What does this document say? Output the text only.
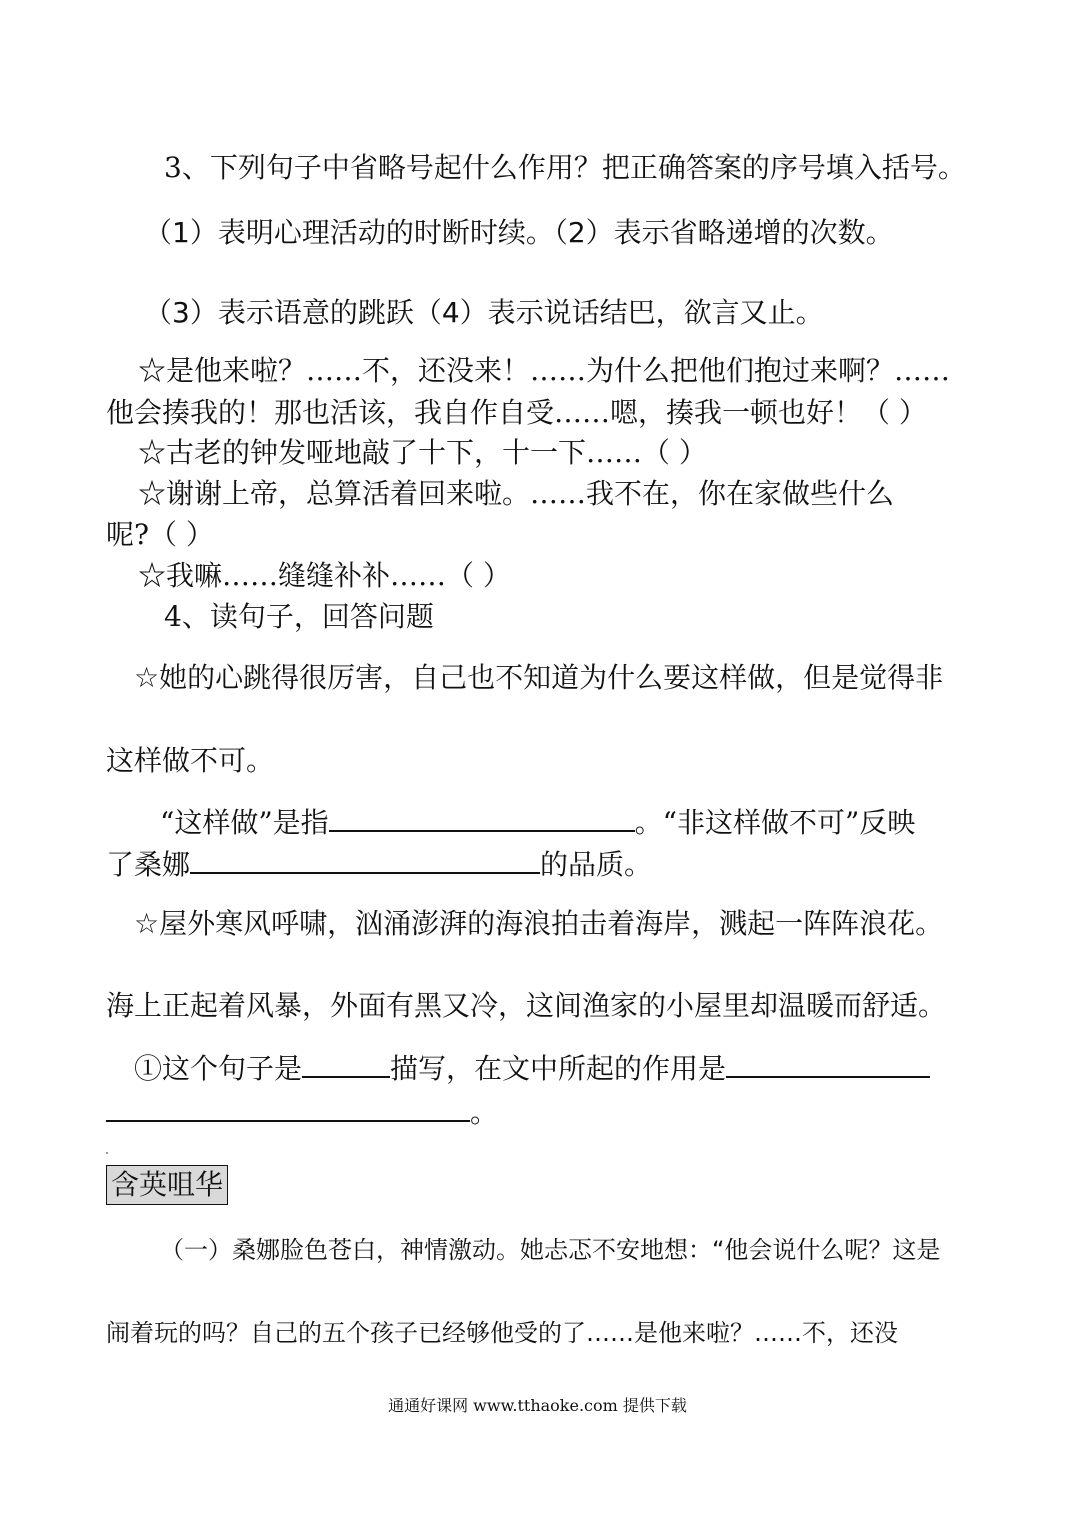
3、下列句子中省略号起什么作用？把正确答案的序号填入括号。
（1）表明心理活动的时断时续。（2）表示省略递增的次数。
（3）表示语意的跳跃（4）表示说话结巴，欲言又止。
☆是他来啦？……不，还没来！……为什么把他们抱过来啊？……
他会揍我的！那也活该，我自作自受……嗯，揍我一顿也好！（ ）
☆古老的钟发哑地敲了十下，十一下……（ ）
☆谢谢上帝，总算活着回来啦。……我不在，你在家做些什么
呢?（ ）
☆我嘛……缝缝补补……（ ）
4、读句子，回答问题
☆她的心跳得很厉害，自己也不知道为什么要这样做，但是觉得非
这样做不可。
“这样做”是指	。“非这样做不可”反映
了桑娜	的品质。
☆屋外寒风呼啸，汹涌澎湃的海浪拍击着海岸，溅起一阵阵浪花。
海上正起着风暴，外面有黑又冷，这间渔家的小屋里却温暖而舒适。
①这个句子是	描写，在文中所起的作用是
。
含英咀华
（一）桑娜脸色苍白，神情激动。她忐忑不安地想：“他会说什么呢？这是
闹着玩的吗？自己的五个孩子已经够他受的了……是他来啦？……不，还没
通通好课网 www.tthaoke.com 提供下载
